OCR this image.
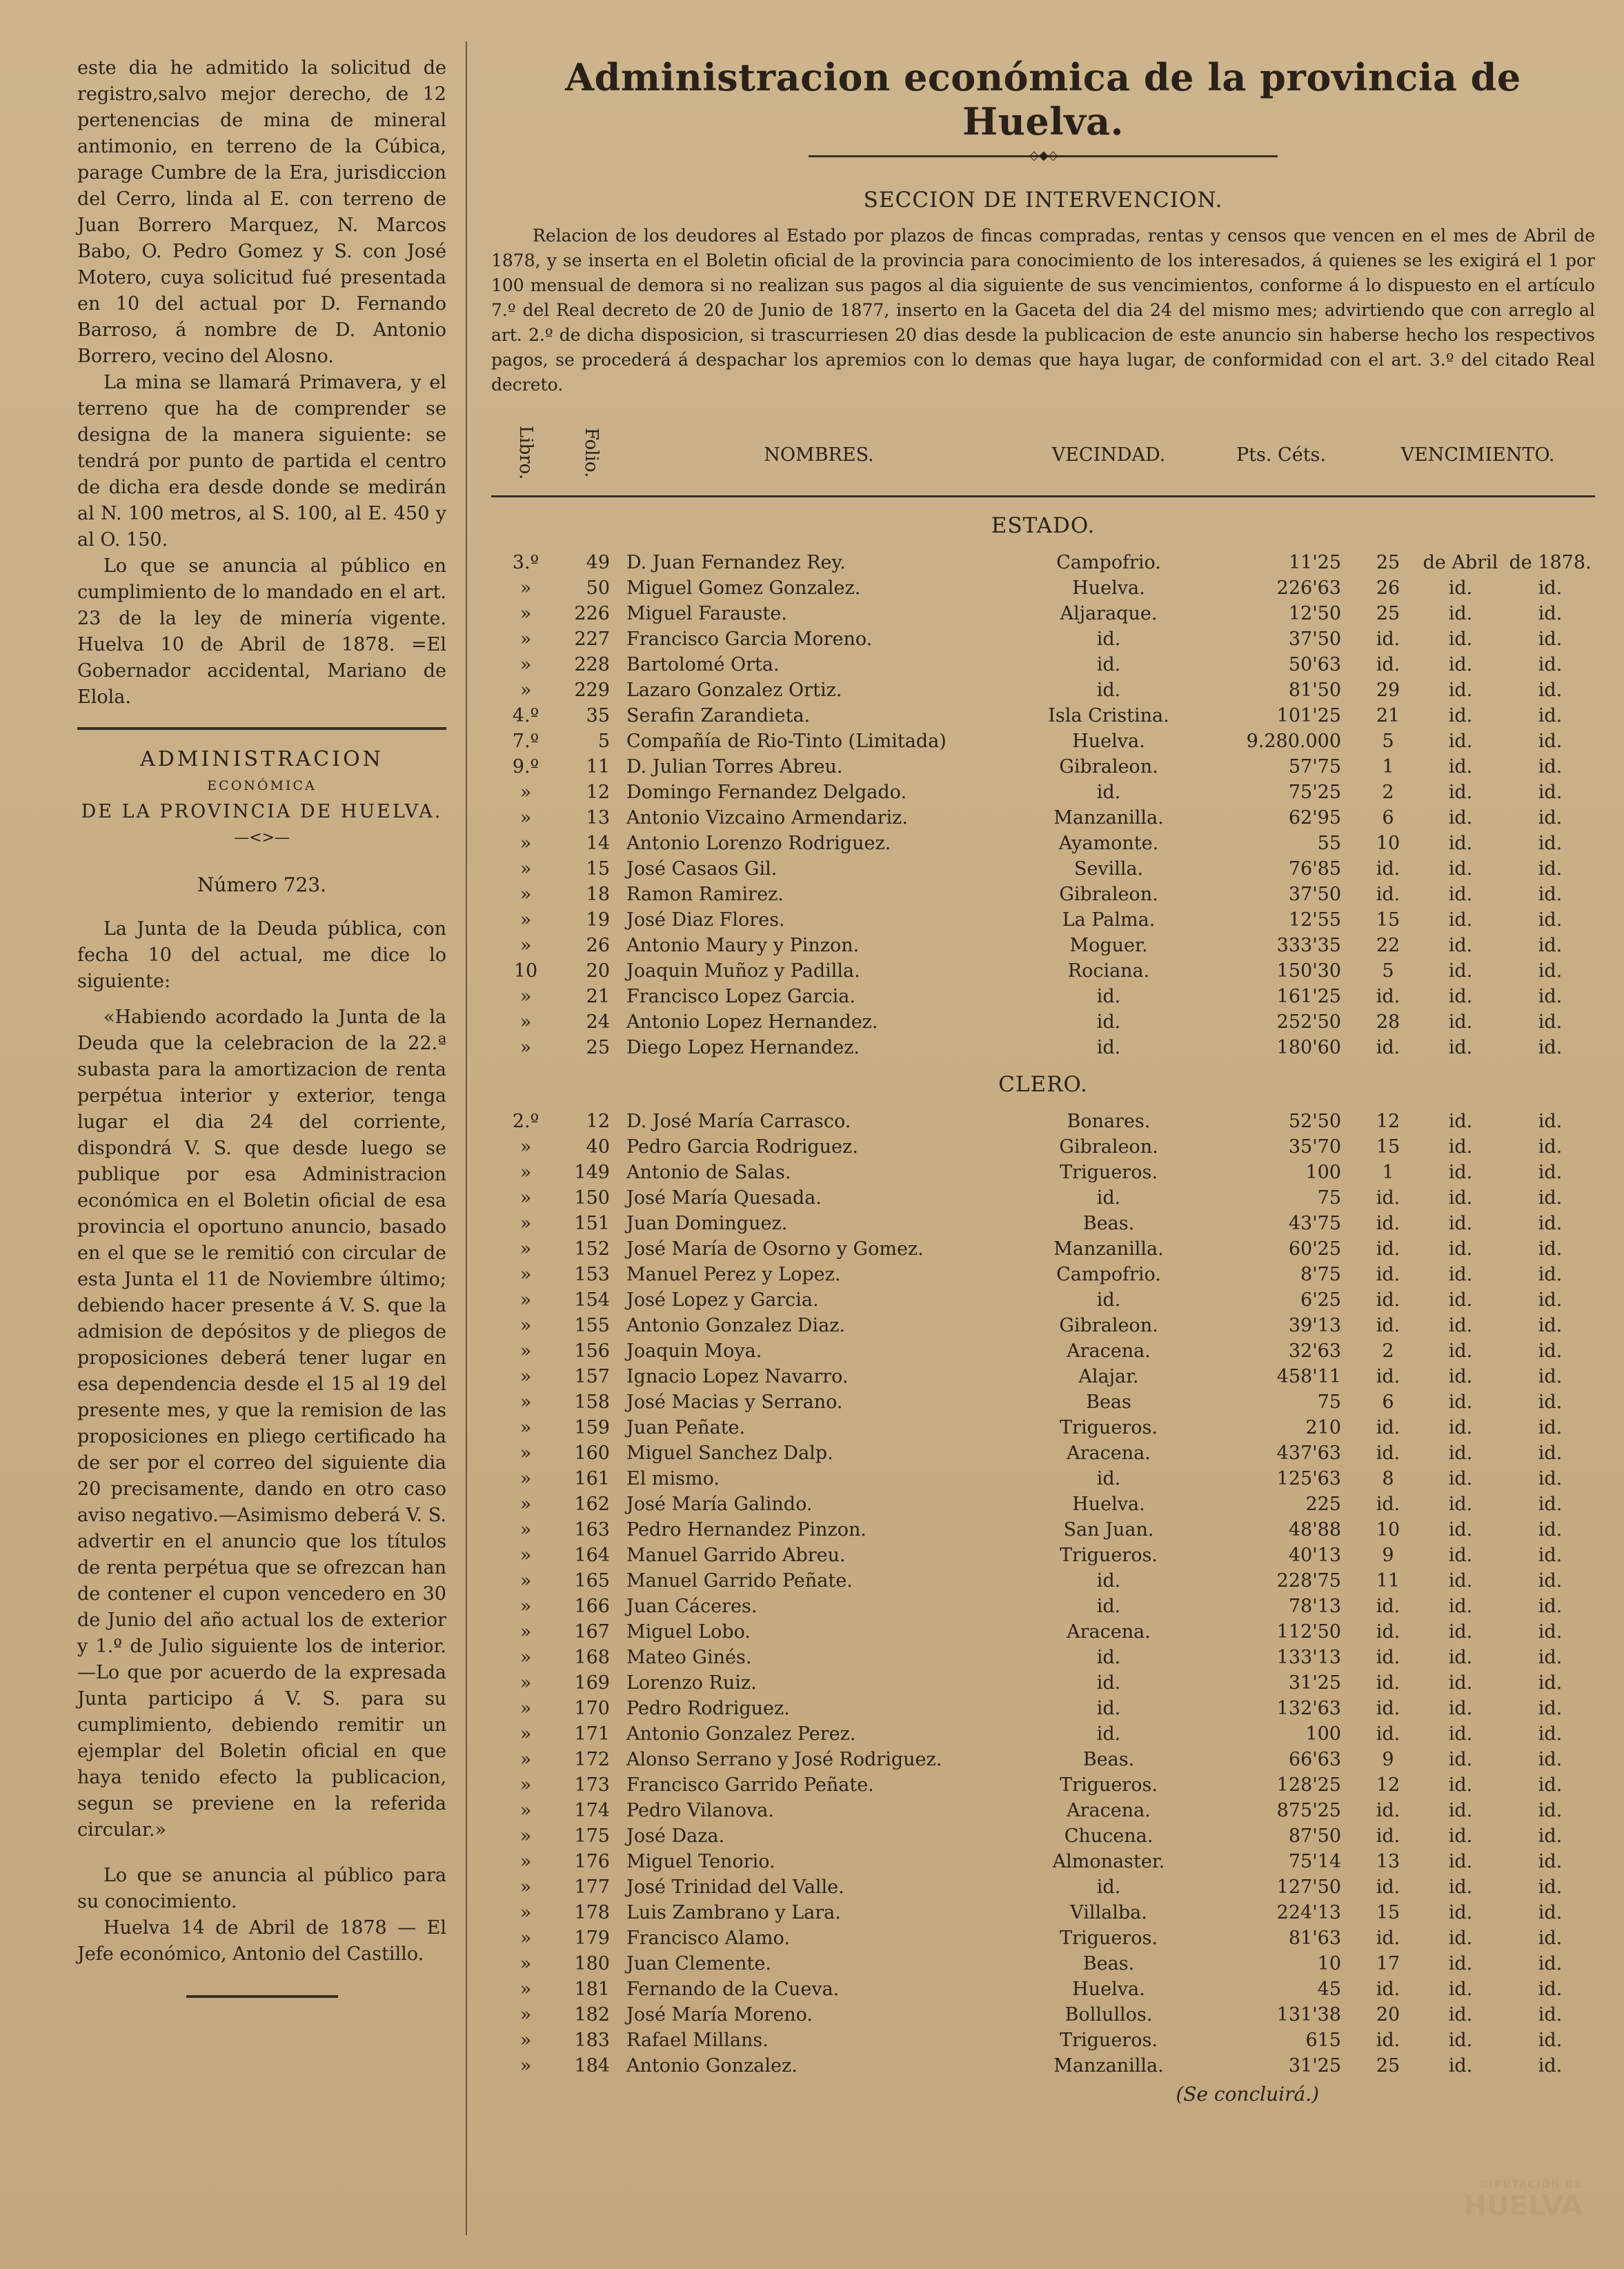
este dia he admitido la solicitud de registro,salvo mejor derecho, de 12 pertenencias de mina de mineral antimonio, en terreno de la Cúbica, parage Cumbre de la Era, jurisdiccion del Cerro, linda al E. con terreno de Juan Borrero Marquez, N. Marcos Babo, O. Pedro Gomez y S. con José Motero, cuya solicitud fué presentada en 10 del actual por D. Fernando Barroso, á nombre de D. Antonio Borrero, vecino del Alosno.

La mina se llamará Primavera, y el terreno que ha de comprender se designa de la manera siguiente: se tendrá por punto de partida el centro de dicha era desde donde se medirán al N. 100 metros, al S. 100, al E. 450 y al O. 150.

Lo que se anuncia al público en cumplimiento de lo mandado en el art. 23 de la ley de minería vigente. Huelva 10 de Abril de 1878. =El Gobernador accidental, Mariano de Elola.

ADMINISTRACION
ECONÓMICA
DE LA PROVINCIA DE HUELVA.
—<>—
Número 723.

La Junta de la Deuda pública, con fecha 10 del actual, me dice lo siguiente:

«Habiendo acordado la Junta de la Deuda que la celebracion de la 22.ª subasta para la amortizacion de renta perpétua interior y exterior, tenga lugar el dia 24 del corriente, dispondrá V. S. que desde luego se publique por esa Administracion económica en el Boletin oficial de esa provincia el oportuno anuncio, basado en el que se le remitió con circular de esta Junta el 11 de Noviembre último; debiendo hacer presente á V. S. que la admision de depósitos y de pliegos de proposiciones deberá tener lugar en esa dependencia desde el 15 al 19 del presente mes, y que la remision de las proposiciones en pliego certificado ha de ser por el correo del siguiente dia 20 precisamente, dando en otro caso aviso negativo.—Asimismo deberá V. S. advertir en el anuncio que los títulos de renta perpétua que se ofrezcan han de contener el cupon vencedero en 30 de Junio del año actual los de exterior y 1.º de Julio siguiente los de interior.—Lo que por acuerdo de la expresada Junta participo á V. S. para su cumplimiento, debiendo remitir un ejemplar del Boletin oficial en que haya tenido efecto la publicacion, segun se previene en la referida circular.»

Lo que se anuncia al público para su conocimiento.

Huelva 14 de Abril de 1878 — El Jefe económico, Antonio del Castillo.

Administracion económica de la provincia de Huelva.
◇◆◇
SECCION DE INTERVENCION.

Relacion de los deudores al Estado por plazos de fincas compradas, rentas y censos que vencen en el mes de Abril de 1878, y se inserta en el Boletin oficial de la provincia para conocimiento de los interesados, á quienes se les exigirá el 1 por 100 mensual de demora si no realizan sus pagos al dia siguiente de sus vencimientos, conforme á lo dispuesto en el artículo 7.º del Real decreto de 20 de Junio de 1877, inserto en la Gaceta del dia 24 del mismo mes; advirtiendo que con arreglo al art. 2.º de dicha disposicion, si trascurriesen 20 dias desde la publicacion de este anuncio sin haberse hecho los respectivos pagos, se procederá á despachar los apremios con lo demas que haya lugar, de conformidad con el art. 3.º del citado Real decreto.

Libro.	Folio.	NOMBRES.	VECINDAD.	Pts. Céts.	VENCIMIENTO.		

ESTADO.							
3.º	49	D. Juan Fernandez Rey.	Campofrio.	11'25	25	de Abril	de 1878.
»	50	Miguel Gomez Gonzalez.	Huelva.	226'63	26	id.	id.
»	226	Miguel Farauste.	Aljaraque.	12'50	25	id.	id.
»	227	Francisco Garcia Moreno.	id.	37'50	id.	id.	id.
»	228	Bartolomé Orta.	id.	50'63	id.	id.	id.
»	229	Lazaro Gonzalez Ortiz.	id.	81'50	29	id.	id.
4.º	35	Serafin Zarandieta.	Isla Cristina.	101'25	21	id.	id.
7.º	5	Compañía de Rio-Tinto (Limitada)	Huelva.	9.280.000	5	id.	id.
9.º	11	D. Julian Torres Abreu.	Gibraleon.	57'75	1	id.	id.
»	12	Domingo Fernandez Delgado.	id.	75'25	2	id.	id.
»	13	Antonio Vizcaino Armendariz.	Manzanilla.	62'95	6	id.	id.
»	14	Antonio Lorenzo Rodriguez.	Ayamonte.	55	10	id.	id.
»	15	José Casaos Gil.	Sevilla.	76'85	id.	id.	id.
»	18	Ramon Ramirez.	Gibraleon.	37'50	id.	id.	id.
»	19	José Diaz Flores.	La Palma.	12'55	15	id.	id.
»	26	Antonio Maury y Pinzon.	Moguer.	333'35	22	id.	id.
10	20	Joaquin Muñoz y Padilla.	Rociana.	150'30	5	id.	id.
»	21	Francisco Lopez Garcia.	id.	161'25	id.	id.	id.
»	24	Antonio Lopez Hernandez.	id.	252'50	28	id.	id.
»	25	Diego Lopez Hernandez.	id.	180'60	id.	id.	id.
CLERO.							
2.º	12	D. José María Carrasco.	Bonares.	52'50	12	id.	id.
»	40	Pedro Garcia Rodriguez.	Gibraleon.	35'70	15	id.	id.
»	149	Antonio de Salas.	Trigueros.	100	1	id.	id.
»	150	José María Quesada.	id.	75	id.	id.	id.
»	151	Juan Dominguez.	Beas.	43'75	id.	id.	id.
»	152	José María de Osorno y Gomez.	Manzanilla.	60'25	id.	id.	id.
»	153	Manuel Perez y Lopez.	Campofrio.	8'75	id.	id.	id.
»	154	José Lopez y Garcia.	id.	6'25	id.	id.	id.
»	155	Antonio Gonzalez Diaz.	Gibraleon.	39'13	id.	id.	id.
»	156	Joaquin Moya.	Aracena.	32'63	2	id.	id.
»	157	Ignacio Lopez Navarro.	Alajar.	458'11	id.	id.	id.
»	158	José Macias y Serrano.	Beas	75	6	id.	id.
»	159	Juan Peñate.	Trigueros.	210	id.	id.	id.
»	160	Miguel Sanchez Dalp.	Aracena.	437'63	id.	id.	id.
»	161	El mismo.	id.	125'63	8	id.	id.
»	162	José María Galindo.	Huelva.	225	id.	id.	id.
»	163	Pedro Hernandez Pinzon.	San Juan.	48'88	10	id.	id.
»	164	Manuel Garrido Abreu.	Trigueros.	40'13	9	id.	id.
»	165	Manuel Garrido Peñate.	id.	228'75	11	id.	id.
»	166	Juan Cáceres.	id.	78'13	id.	id.	id.
»	167	Miguel Lobo.	Aracena.	112'50	id.	id.	id.
»	168	Mateo Ginés.	id.	133'13	id.	id.	id.
»	169	Lorenzo Ruiz.	id.	31'25	id.	id.	id.
»	170	Pedro Rodriguez.	id.	132'63	id.	id.	id.
»	171	Antonio Gonzalez Perez.	id.	100	id.	id.	id.
»	172	Alonso Serrano y José Rodriguez.	Beas.	66'63	9	id.	id.
»	173	Francisco Garrido Peñate.	Trigueros.	128'25	12	id.	id.
»	174	Pedro Vilanova.	Aracena.	875'25	id.	id.	id.
»	175	José Daza.	Chucena.	87'50	id.	id.	id.
»	176	Miguel Tenorio.	Almonaster.	75'14	13	id.	id.
»	177	José Trinidad del Valle.	id.	127'50	id.	id.	id.
»	178	Luis Zambrano y Lara.	Villalba.	224'13	15	id.	id.
»	179	Francisco Alamo.	Trigueros.	81'63	id.	id.	id.
»	180	Juan Clemente.	Beas.	10	17	id.	id.
»	181	Fernando de la Cueva.	Huelva.	45	id.	id.	id.
»	182	José María Moreno.	Bollullos.	131'38	20	id.	id.
»	183	Rafael Millans.	Trigueros.	615	id.	id.	id.
»	184	Antonio Gonzalez.	Manzanilla.	31'25	25	id.	id.
(Se concluirá.)
DIPUTACIÓN DE
HUELVA
